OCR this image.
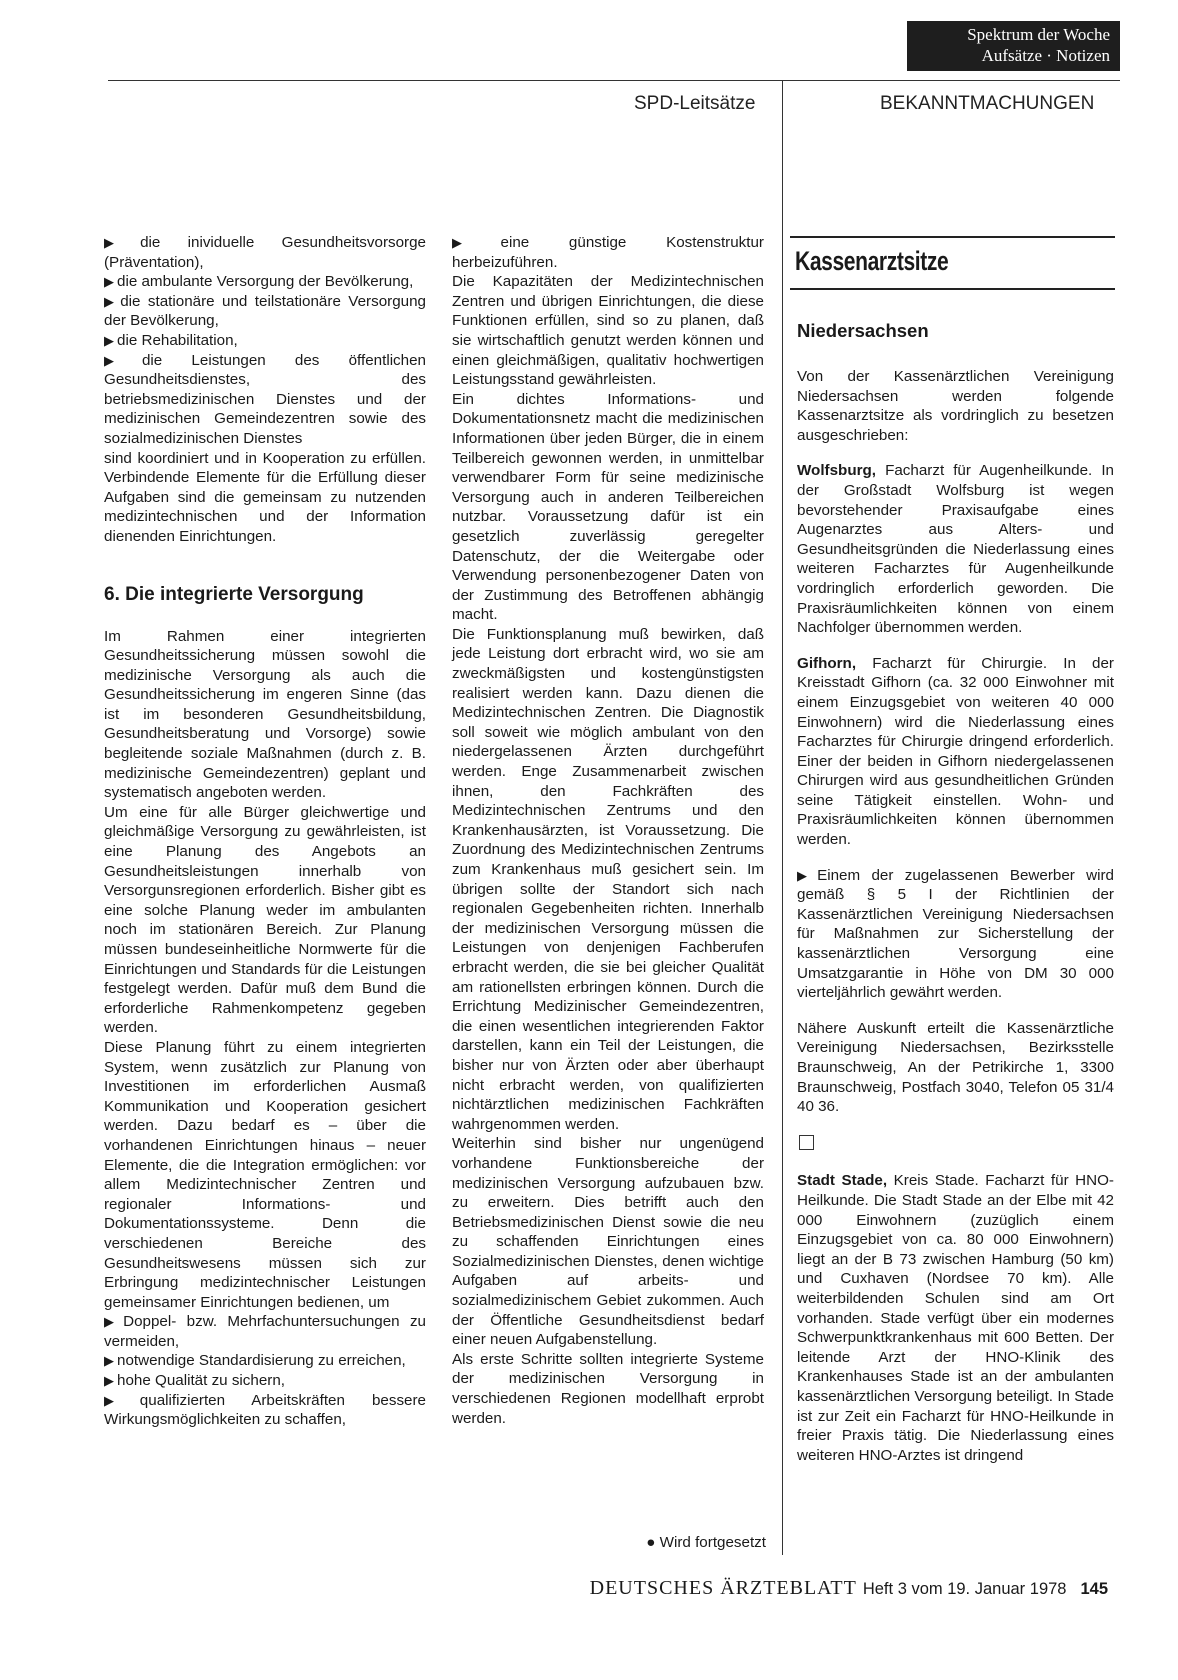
Spektrum der Woche
Aufsätze · Notizen
SPD-Leitsätze	BEKANNTMACHUNGEN

▶ die inividuelle Gesundheitsvorsorge (Präventation),

▶ die ambulante Versorgung der Bevölkerung,

▶ die stationäre und teilstationäre Versorgung der Bevölkerung,

▶ die Rehabilitation,

▶ die Leistungen des öffentlichen Gesundheitsdienstes, des betriebsmedizinischen Dienstes und der medizinischen Gemeindezentren sowie des sozialmedizinischen Dienstes

sind koordiniert und in Kooperation zu erfüllen. Verbindende Elemente für die Erfüllung dieser Aufgaben sind die gemeinsam zu nutzenden medizintechnischen und der Information dienenden Einrichtungen.

6. Die integrierte Versorgung

Im Rahmen einer integrierten Gesundheitssicherung müssen sowohl die medizinische Versorgung als auch die Gesundheitssicherung im engeren Sinne (das ist im besonderen Gesundheitsbildung, Gesundheitsberatung und Vorsorge) sowie begleitende soziale Maßnahmen (durch z. B. medizinische Gemeindezentren) geplant und systematisch angeboten werden.

Um eine für alle Bürger gleichwertige und gleichmäßige Versorgung zu gewährleisten, ist eine Planung des Angebots an Gesundheitsleistungen innerhalb von Versorgunsregionen erforderlich. Bisher gibt es eine solche Planung weder im ambulanten noch im stationären Bereich. Zur Planung müssen bundeseinheitliche Normwerte für die Einrichtungen und Standards für die Leistungen festgelegt werden. Dafür muß dem Bund die erforderliche Rahmenkompetenz gegeben werden.

Diese Planung führt zu einem integrierten System, wenn zusätzlich zur Planung von Investitionen im erforderlichen Ausmaß Kommunikation und Kooperation gesichert werden. Dazu bedarf es – über die vorhandenen Einrichtungen hinaus – neuer Elemente, die die Integration ermöglichen: vor allem Medizintechnischer Zentren und regionaler Informations- und Dokumentationssysteme. Denn die verschiedenen Bereiche des Gesundheitswesens müssen sich zur Erbringung medizintechnischer Leistungen gemeinsamer Einrichtungen bedienen, um

▶ Doppel- bzw. Mehrfachuntersuchungen zu vermeiden,

▶ notwendige Standardisierung zu erreichen,

▶ hohe Qualität zu sichern,

▶ qualifizierten Arbeitskräften bessere Wirkungsmöglichkeiten zu schaffen,

▶ eine günstige Kostenstruktur herbeizuführen.

Die Kapazitäten der Medizintechnischen Zentren und übrigen Einrichtungen, die diese Funktionen erfüllen, sind so zu planen, daß sie wirtschaftlich genutzt werden können und einen gleichmäßigen, qualitativ hochwertigen Leistungsstand gewährleisten.

Ein dichtes Informations- und Dokumentationsnetz macht die medizinischen Informationen über jeden Bürger, die in einem Teilbereich gewonnen werden, in unmittelbar verwendbarer Form für seine medizinische Versorgung auch in anderen Teilbereichen nutzbar. Voraussetzung dafür ist ein gesetzlich zuverlässig geregelter Datenschutz, der die Weitergabe oder Verwendung personenbezogener Daten von der Zustimmung des Betroffenen abhängig macht.

Die Funktionsplanung muß bewirken, daß jede Leistung dort erbracht wird, wo sie am zweckmäßigsten und kostengünstigsten realisiert werden kann. Dazu dienen die Medizintechnischen Zentren. Die Diagnostik soll soweit wie möglich ambulant von den niedergelassenen Ärzten durchgeführt werden. Enge Zusammenarbeit zwischen ihnen, den Fachkräften des Medizintechnischen Zentrums und den Krankenhausärzten, ist Voraussetzung. Die Zuordnung des Medizintechnischen Zentrums zum Krankenhaus muß gesichert sein. Im übrigen sollte der Standort sich nach regionalen Gegebenheiten richten. Innerhalb der medizinischen Versorgung müssen die Leistungen von denjenigen Fachberufen erbracht werden, die sie bei gleicher Qualität am rationellsten erbringen können. Durch die Errichtung Medizinischer Gemeindezentren, die einen wesentlichen integrierenden Faktor darstellen, kann ein Teil der Leistungen, die bisher nur von Ärzten oder aber überhaupt nicht erbracht werden, von qualifizierten nichtärztlichen medizinischen Fachkräften wahrgenommen werden.

Weiterhin sind bisher nur ungenügend vorhandene Funktionsbereiche der medizinischen Versorgung aufzubauen bzw. zu erweitern. Dies betrifft auch den Betriebsmedizinischen Dienst sowie die neu zu schaffenden Einrichtungen eines Sozialmedizinischen Dienstes, denen wichtige Aufgaben auf arbeits- und sozialmedizinischem Gebiet zukommen. Auch der Öffentliche Gesundheitsdienst bedarf einer neuen Aufgabenstellung.

Als erste Schritte sollten integrierte Systeme der medizinischen Versorgung in verschiedenen Regionen modellhaft erprobt werden.

● Wird fortgesetzt
Kassenarztsitze
Niedersachsen

Von der Kassenärztlichen Vereinigung Niedersachsen werden folgende Kassenarztsitze als vordringlich zu besetzen ausgeschrieben:

Wolfsburg, Facharzt für Augenheilkunde. In der Großstadt Wolfsburg ist wegen bevorstehender Praxisaufgabe eines Augenarztes aus Alters- und Gesundheitsgründen die Niederlassung eines weiteren Facharztes für Augenheilkunde vordringlich erforderlich geworden. Die Praxisräumlichkeiten können von einem Nachfolger übernommen werden.

Gifhorn, Facharzt für Chirurgie. In der Kreisstadt Gifhorn (ca. 32 000 Einwohner mit einem Einzugsgebiet von weiteren 40 000 Einwohnern) wird die Niederlassung eines Facharztes für Chirurgie dringend erforderlich. Einer der beiden in Gifhorn niedergelassenen Chirurgen wird aus gesundheitlichen Gründen seine Tätigkeit einstellen. Wohn- und Praxisräumlichkeiten können übernommen werden.

▶ Einem der zugelassenen Bewerber wird gemäß § 5 I der Richtlinien der Kassenärztlichen Vereinigung Niedersachsen für Maßnahmen zur Sicherstellung der kassenärztlichen Versorgung eine Umsatzgarantie in Höhe von DM 30 000 vierteljährlich gewährt werden.

Nähere Auskunft erteilt die Kassenärztliche Vereinigung Niedersachsen, Bezirksstelle Braunschweig, An der Petrikirche 1, 3300 Braunschweig, Postfach 3040, Telefon 05 31/4 40 36.

Stadt Stade, Kreis Stade. Facharzt für HNO-Heilkunde. Die Stadt Stade an der Elbe mit 42 000 Einwohnern (zuzüglich einem Einzugsgebiet von ca. 80 000 Einwohnern) liegt an der B 73 zwischen Hamburg (50 km) und Cuxhaven (Nordsee 70 km). Alle weiterbildenden Schulen sind am Ort vorhanden. Stade verfügt über ein modernes Schwerpunktkrankenhaus mit 600 Betten. Der leitende Arzt der HNO-Klinik des Krankenhauses Stade ist an der ambulanten kassenärztlichen Versorgung beteiligt. In Stade ist zur Zeit ein Facharzt für HNO-Heilkunde in freier Praxis tätig. Die Niederlassung eines weiteren HNO-Arztes ist dringend

DEUTSCHES ÄRZTEBLATT Heft 3 vom 19. Januar 1978 145
